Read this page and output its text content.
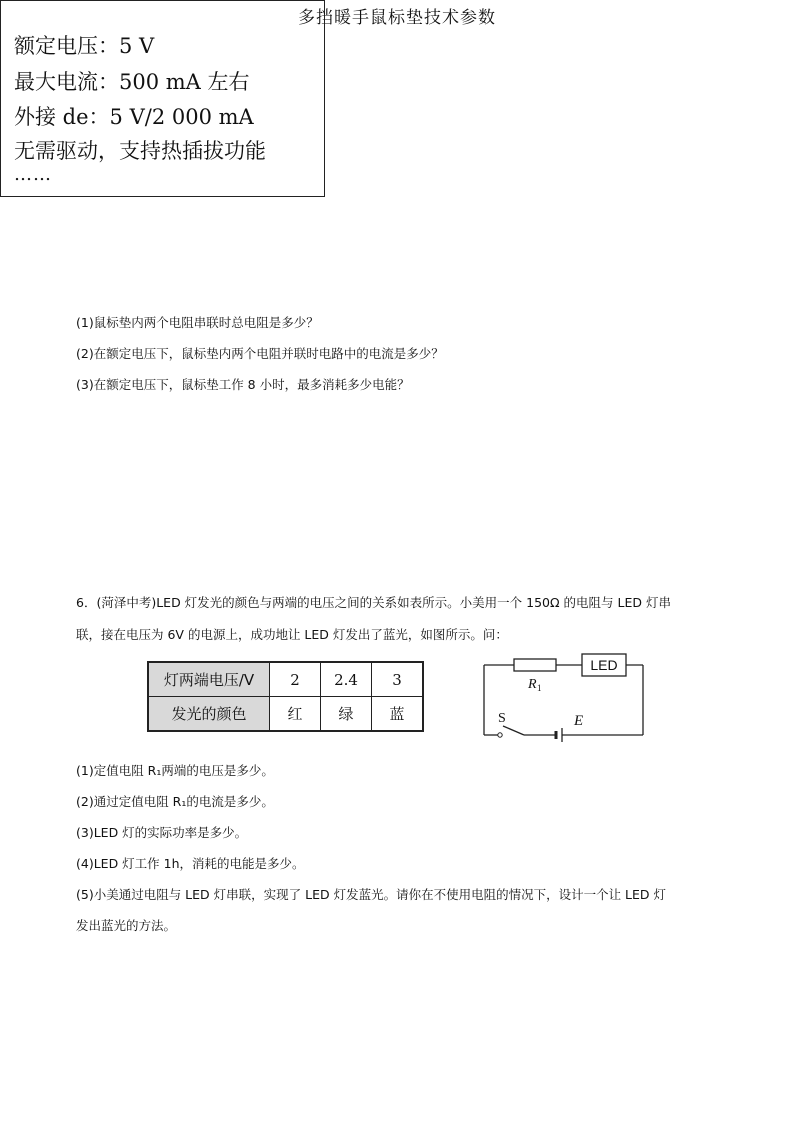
多挡暖手鼠标垫技术参数
额定电压：5 V
最大电流：500 mA 左右
外接 de：5 V/2 000 mA
无需驱动，支持热插拔功能
……
(1)鼠标垫内两个电阻串联时总电阻是多少？
(2)在额定电压下，鼠标垫内两个电阻并联时电路中的电流是多少？
(3)在额定电压下，鼠标垫工作 8 小时，最多消耗多少电能？
6．(菏泽中考)LED 灯发光的颜色与两端的电压之间的关系如表所示。小美用一个 150Ω 的电阻与 LED 灯串
联，接在电压为 6V 的电源上，成功地让 LED 灯发出了蓝光，如图所示。问：
灯两端电压/V	2	2.4	3
发光的颜色	红	绿	蓝
LED
R 1
S	E
(1)定值电阻 R₁两端的电压是多少。
(2)通过定值电阻 R₁的电流是多少。
(3)LED 灯的实际功率是多少。
(4)LED 灯工作 1h，消耗的电能是多少。
(5)小美通过电阻与 LED 灯串联，实现了 LED 灯发蓝光。请你在不使用电阻的情况下，设计一个让 LED 灯
发出蓝光的方法。
